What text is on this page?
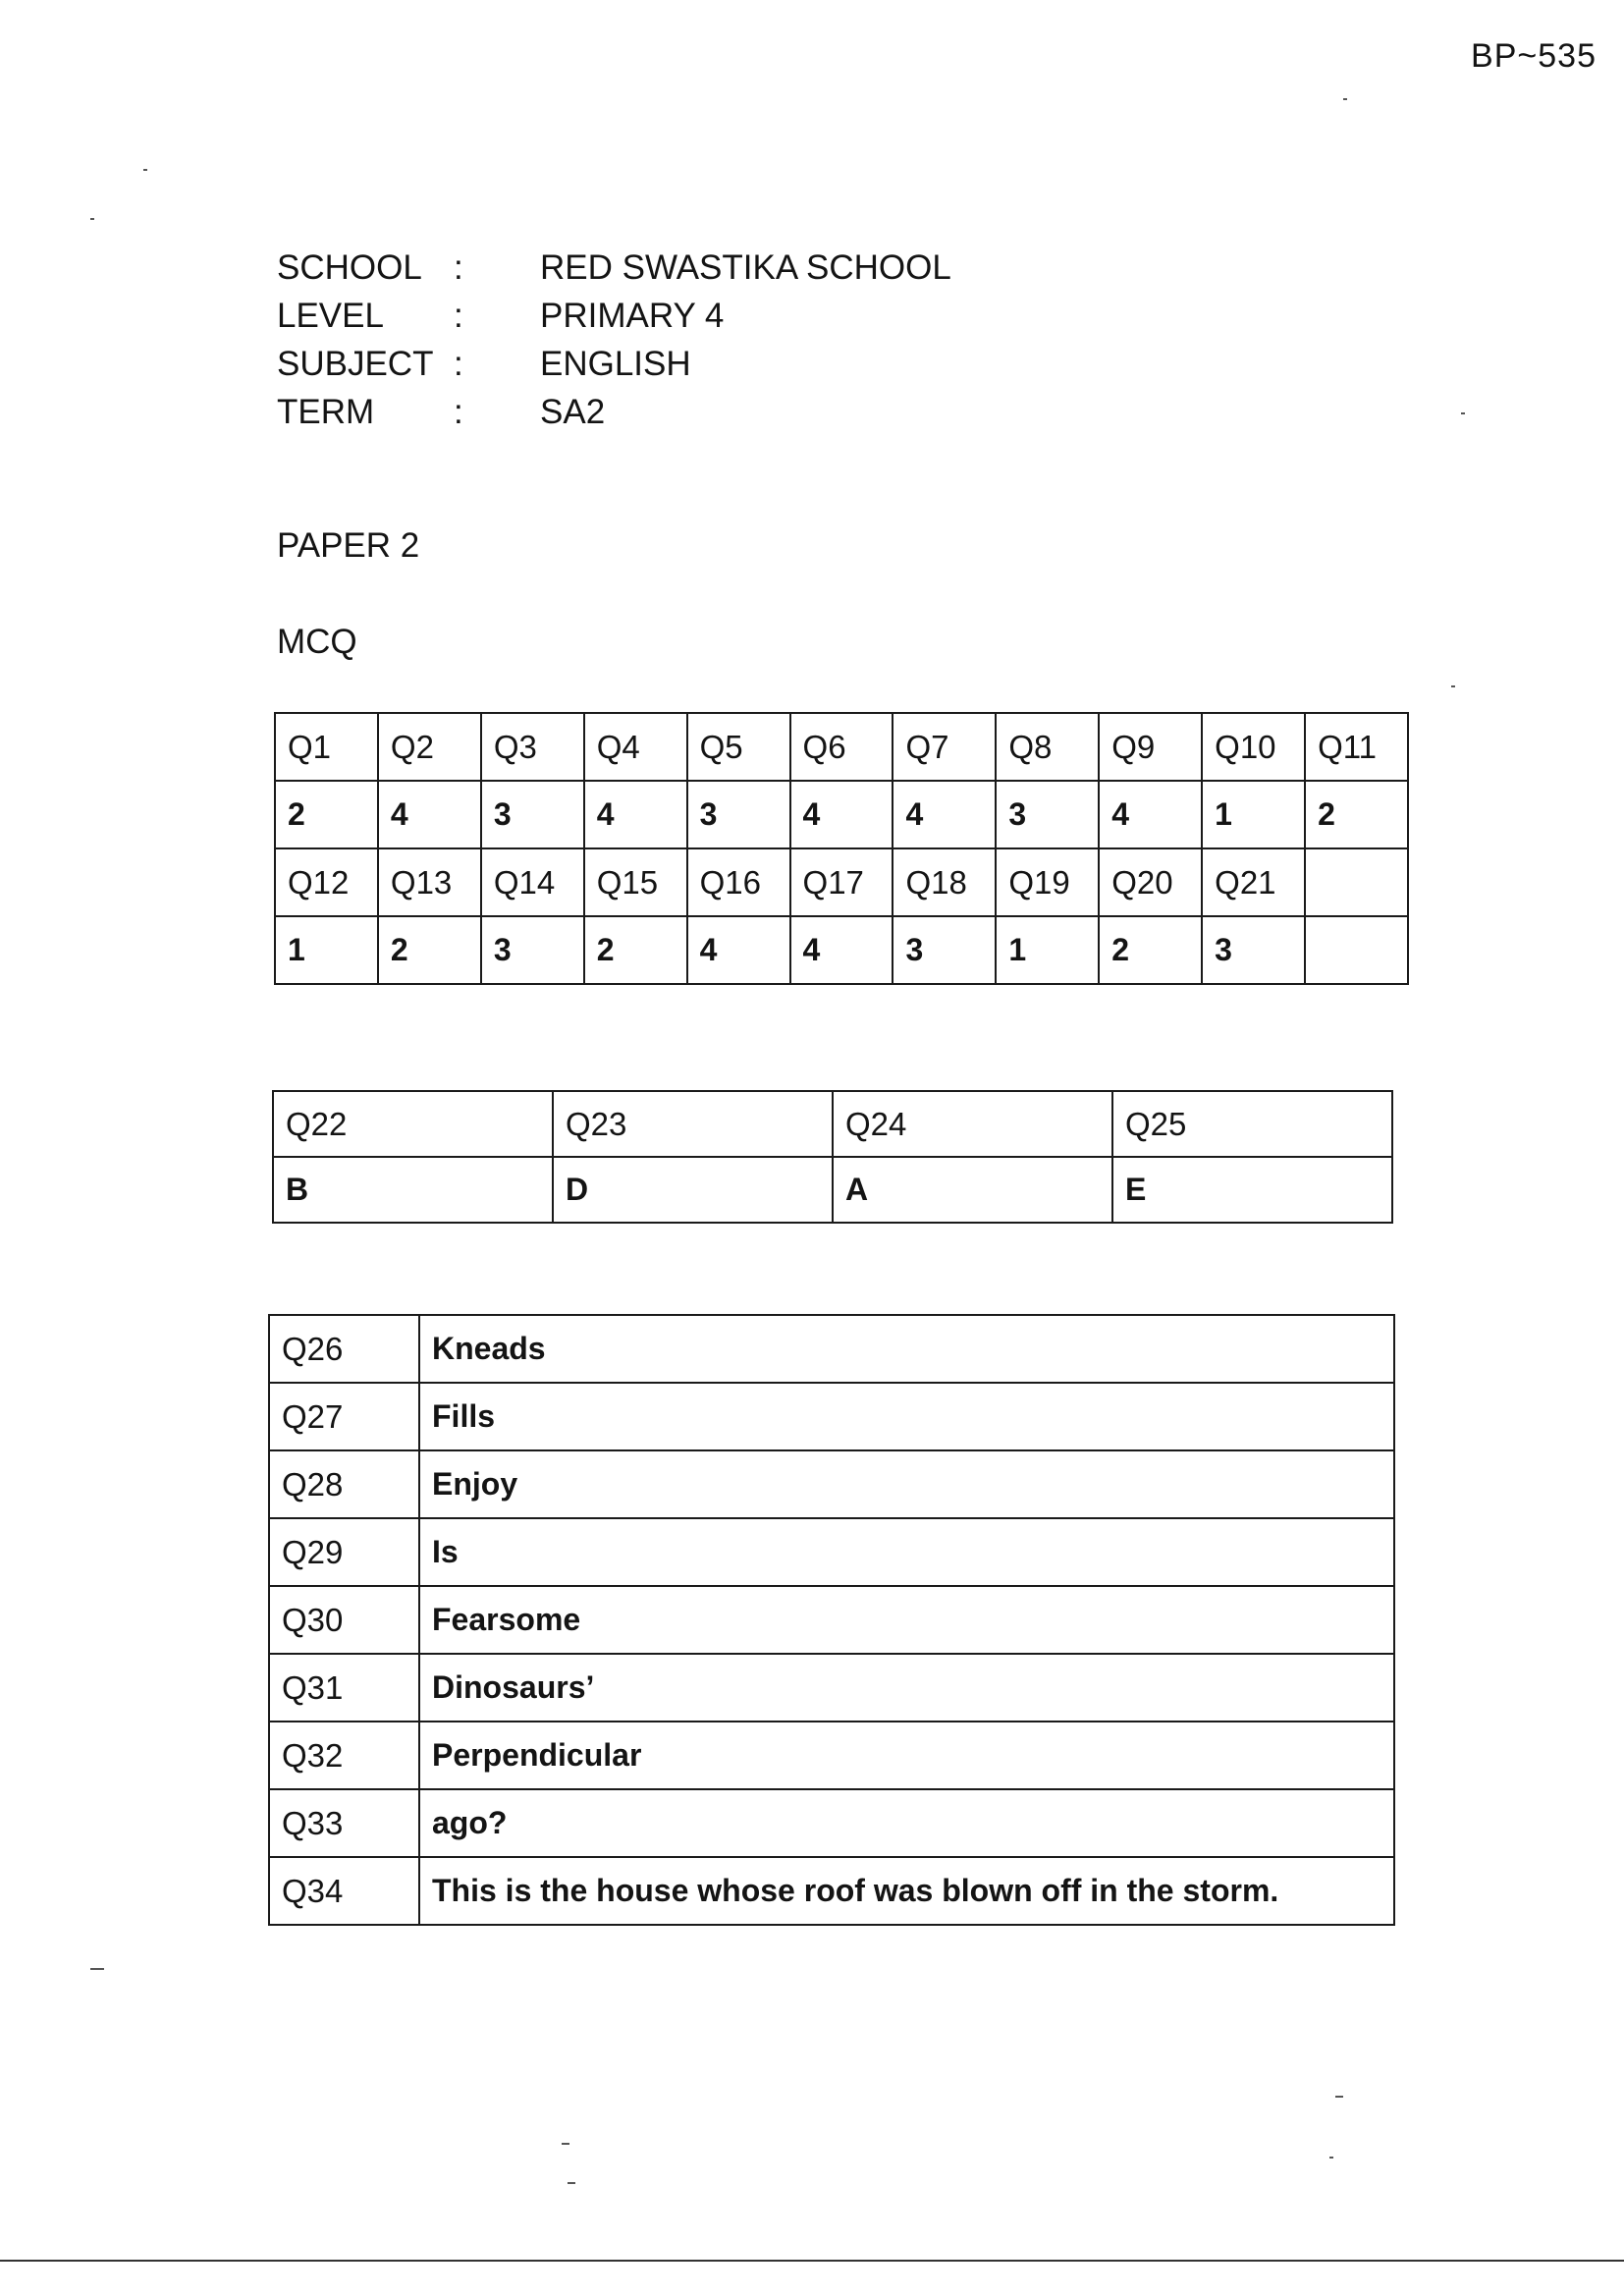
BP~535
SCHOOL :	RED SWASTIKA SCHOOL
LEVEL	:	PRIMARY 4
SUBJECT :	ENGLISH
TERM	:	SA2
PAPER 2
MCQ
Q1	Q2	Q3	Q4	Q5	Q6	Q7	Q8	Q9	Q10	Q11
2	4	3	4	3	4	4	3	4	1	2
Q12	Q13	Q14	Q15	Q16	Q17	Q18	Q19	Q20	Q21	
1	2	3	2	4	4	3	1	2	3	
Q22	Q23	Q24	Q25
B	D	A	E
Q26	Kneads
Q27	Fills
Q28	Enjoy
Q29	Is
Q30	Fearsome
Q31	Dinosaurs’
Q32	Perpendicular
Q33	ago?
Q34	This is the house whose roof was blown off in the storm.
